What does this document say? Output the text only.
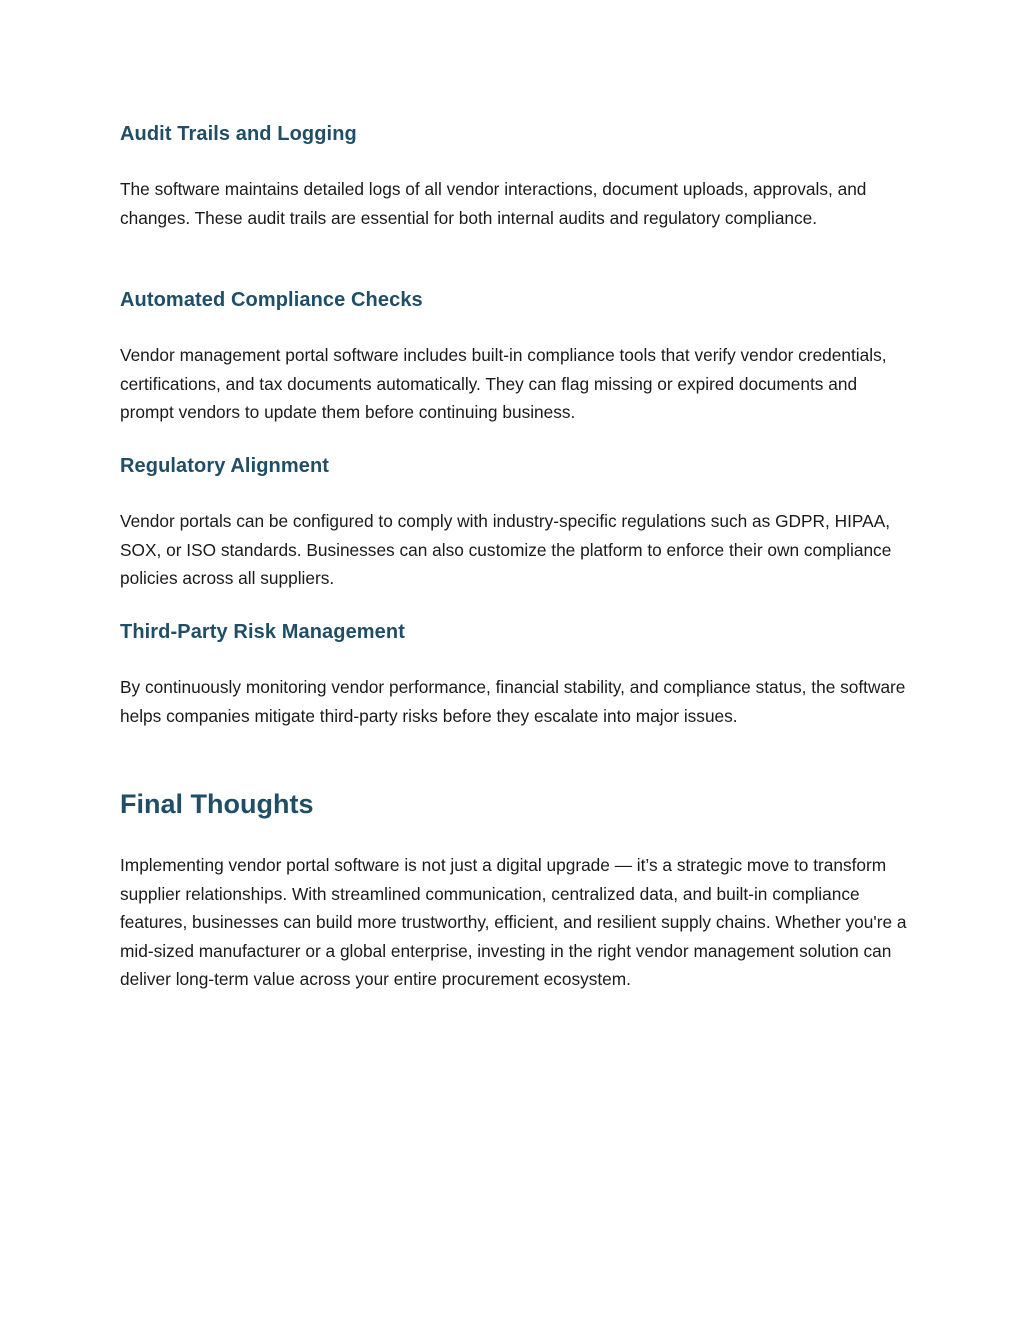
Audit Trails and Logging

The software maintains detailed logs of all vendor interactions, document uploads, approvals, and changes. These audit trails are essential for both internal audits and regulatory compliance.

Automated Compliance Checks

Vendor management portal software includes built-in compliance tools that verify vendor credentials, certifications, and tax documents automatically. They can flag missing or expired documents and prompt vendors to update them before continuing business.

Regulatory Alignment

Vendor portals can be configured to comply with industry-specific regulations such as GDPR, HIPAA, SOX, or ISO standards. Businesses can also customize the platform to enforce their own compliance policies across all suppliers.

Third-Party Risk Management

By continuously monitoring vendor performance, financial stability, and compliance status, the software helps companies mitigate third-party risks before they escalate into major issues.

Final Thoughts

Implementing vendor portal software is not just a digital upgrade — it’s a strategic move to transform supplier relationships. With streamlined communication, centralized data, and built-in compliance features, businesses can build more trustworthy, efficient, and resilient supply chains. Whether you're a mid-sized manufacturer or a global enterprise, investing in the right vendor management solution can deliver long-term value across your entire procurement ecosystem.
